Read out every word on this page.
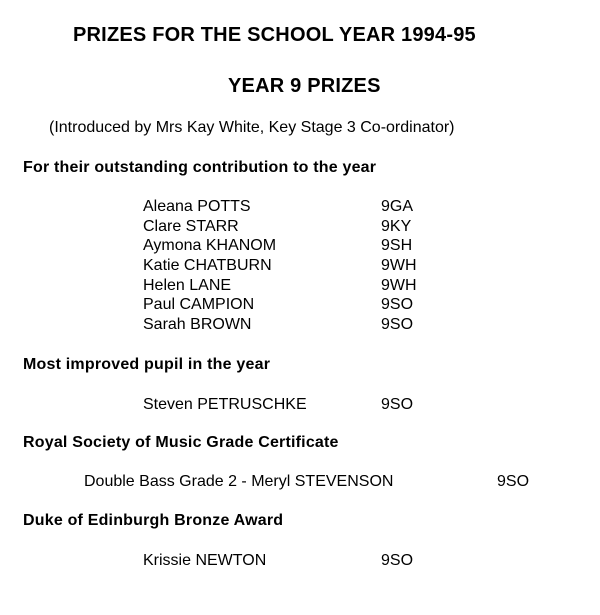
PRIZES FOR THE SCHOOL YEAR 1994-95
YEAR 9 PRIZES
(Introduced by Mrs Kay White, Key Stage 3 Co-ordinator)
For their outstanding contribution to the year
Aleana POTTS	9GA
Clare STARR	9KY
Aymona KHANOM	9SH
Katie CHATBURN	9WH
Helen LANE	9WH
Paul CAMPION	9SO
Sarah BROWN	9SO
Most improved pupil in the year
Steven PETRUSCHKE	9SO
Royal Society of Music Grade Certificate
Double Bass Grade 2 - Meryl STEVENSON	9SO
Duke of Edinburgh Bronze Award
Krissie NEWTON	9SO
